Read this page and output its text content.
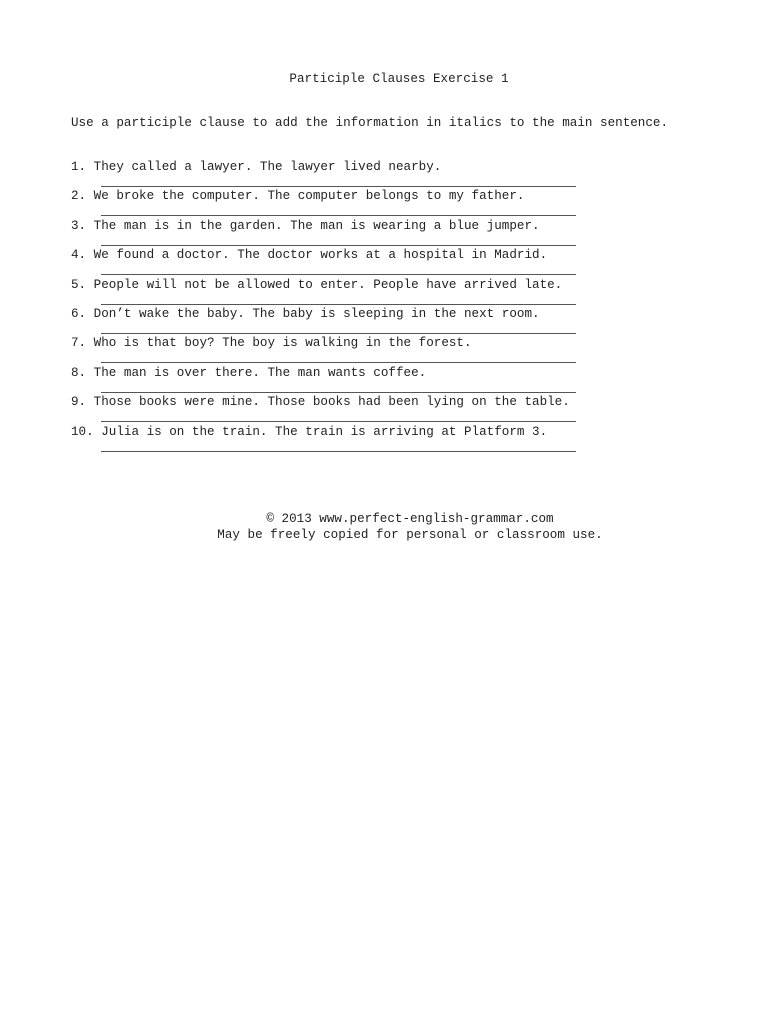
Participle Clauses Exercise 1
Use a participle clause to add the information in italics to the main sentence.
1. They called a lawyer. The lawyer lived nearby.
2. We broke the computer. The computer belongs to my father.
3. The man is in the garden. The man is wearing a blue jumper.
4. We found a doctor. The doctor works at a hospital in Madrid.
5. People will not be allowed to enter. People have arrived late.
6. Don’t wake the baby. The baby is sleeping in the next room.
7. Who is that boy? The boy is walking in the forest.
8. The man is over there. The man wants coffee.
9. Those books were mine. Those books had been lying on the table.
10. Julia is on the train. The train is arriving at Platform 3.
© 2013 www.perfect-english-grammar.com
May be freely copied for personal or classroom use.
